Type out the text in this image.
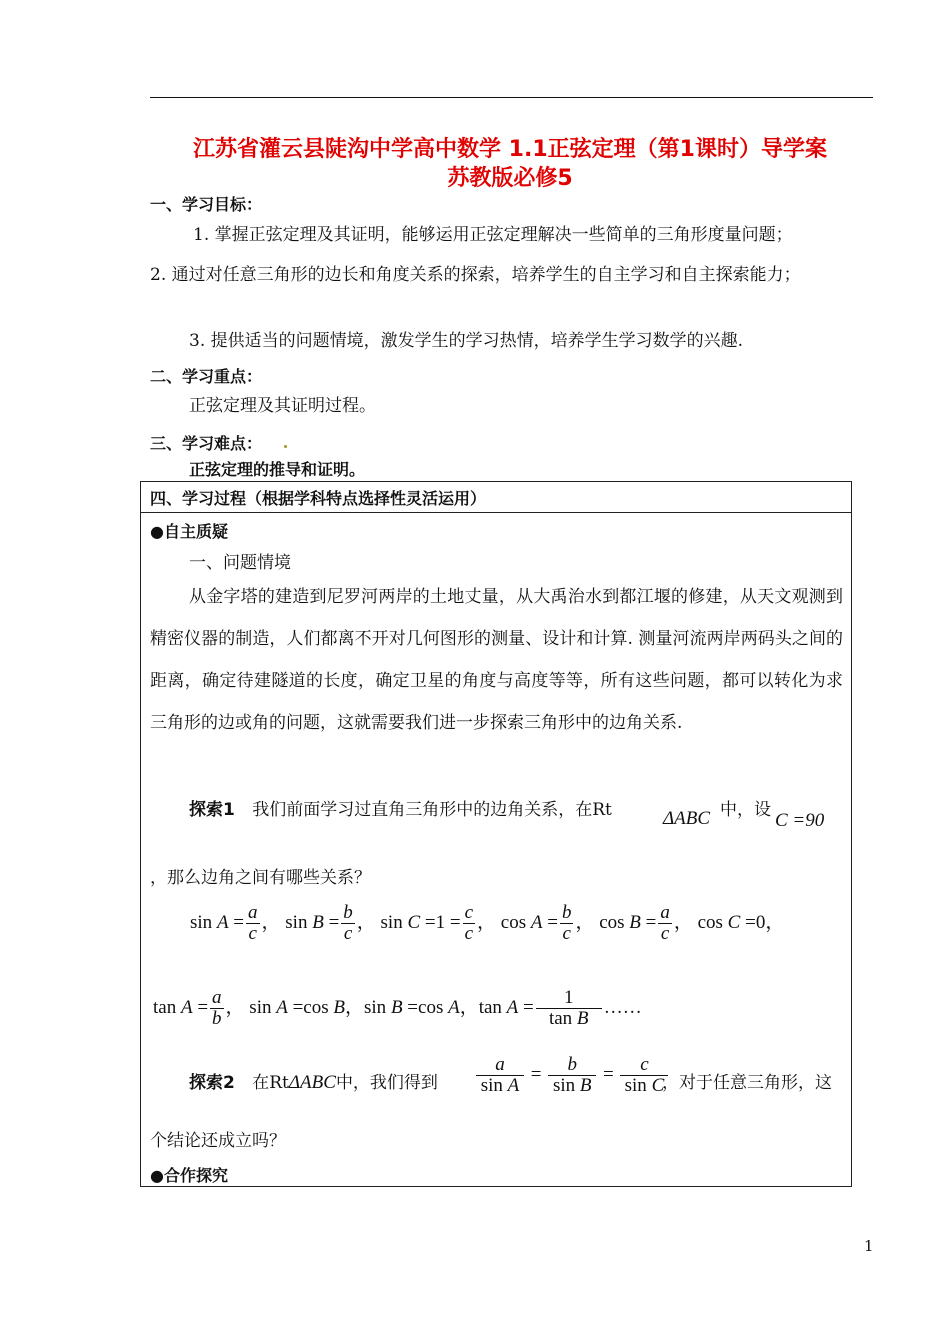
江苏省灌云县陡沟中学高中数学 1.1正弦定理（第1课时）导学案
苏教版必修5
一、学习目标：
1. 掌握正弦定理及其证明，能够运用正弦定理解决一些简单的三角形度量问题；
2. 通过对任意三角形的边长和角度关系的探索，培养学生的自主学习和自主探索能力；
3. 提供适当的问题情境，激发学生的学习热情，培养学生学习数学的兴趣.
二、学习重点：
正弦定理及其证明过程。
三、学习难点：
正弦定理的推导和证明。
四、学习过程（根据学科特点选择性灵活运用）
●自主质疑
一、问题情境
从金字塔的建造到尼罗河两岸的土地丈量，从大禹治水到都江堰的修建，从天文观测到精密仪器的制造，人们都离不开对几何图形的测量、设计和计算. 测量河流两岸两码头之间的距离，确定待建隧道的长度，确定卫星的角度与高度等等，所有这些问题，都可以转化为求三角形的边或角的问题，这就需要我们进一步探索三角形中的边角关系.
探索1 我们前面学习过直角三角形中的边角关系，在Rt	ΔABC 中，设 C =90
，那么边角之间有哪些关系？
$\sin A = \frac{a}{c}$ ， $\sin B = \frac{b}{c}$ ， $\sin C =1 = \frac{c}{c}$ ， $\cos A = \frac{b}{c}$ ， $\cos B = \frac{a}{c}$ ， cos C =0，
$\tan A = \frac{a}{b}$ ， sin A =cos B，sin B =cos A，$\tan A = \frac{1}{\text{tan B}}$ ……
探索2 在RtΔABC中，我们得到 $\frac{a}{\text{sin A}} = \frac{b}{\text{sin B}} = \frac{c}{\text{sin C}}$
，对于任意三角形，这
个结论还成立吗？
●合作探究
1
